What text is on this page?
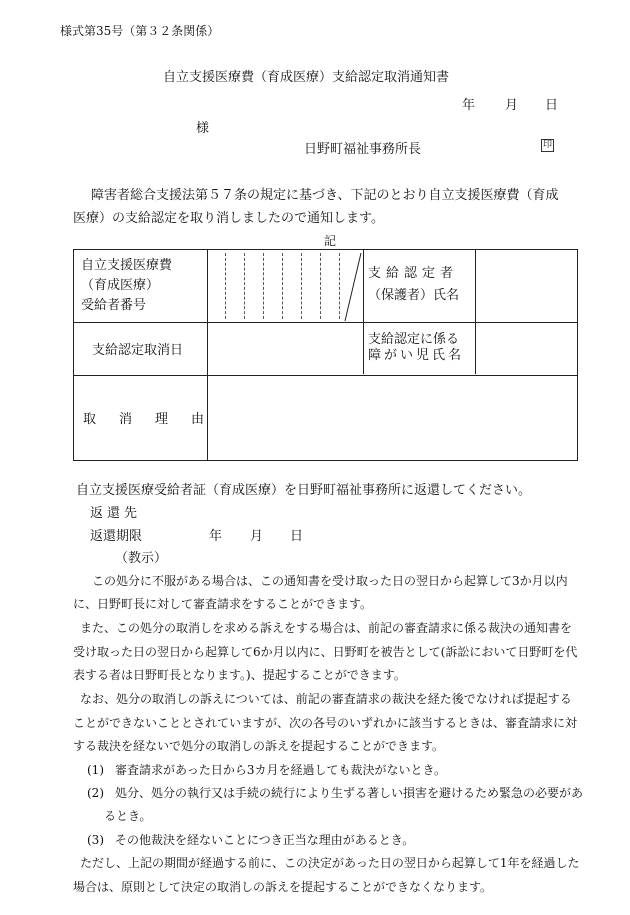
様式第35号（第３２条関係）
自立支援医療費（育成医療）支給認定取消通知書
年 月 日
様
日野町福祉事務所長	印
障害者総合支援法第５７条の規定に基づき、下記のとおり自立支援医療費（育成
医療）の支給認定を取り消しましたので通知します。
記
自立支援医療費
（育成医療）
受給者番号
支給認定者
（保護者）氏名
支給認定取消日
支給認定に係る
障がい児氏名
取消理由
自立支援医療受給者証（育成医療）を日野町福祉事務所に返還してください。
返還先
返還期限	年 月 日
（教示）
この処分に不服がある場合は、この通知書を受け取った日の翌日から起算して3か月以内
に、日野町長に対して審査請求をすることができます。
また、この処分の取消しを求める訴えをする場合は、前記の審査請求に係る裁決の通知書を
受け取った日の翌日から起算して6か月以内に、日野町を被告として(訴訟において日野町を代
表する者は日野町長となります。)、提起することができます。
なお、処分の取消しの訴えについては、前記の審査請求の裁決を経た後でなければ提起する
ことができないこととされていますが、次の各号のいずれかに該当するときは、審査請求に対
する裁決を経ないで処分の取消しの訴えを提起することができます。
(1) 審査請求があった日から3カ月を経過しても裁決がないとき。
(2) 処分、処分の執行又は手続の続行により生ずる著しい損害を避けるため緊急の必要があ
るとき。
(3) その他裁決を経ないことにつき正当な理由があるとき。
ただし、上記の期間が経過する前に、この決定があった日の翌日から起算して1年を経過した
場合は、原則として決定の取消しの訴えを提起することができなくなります。
